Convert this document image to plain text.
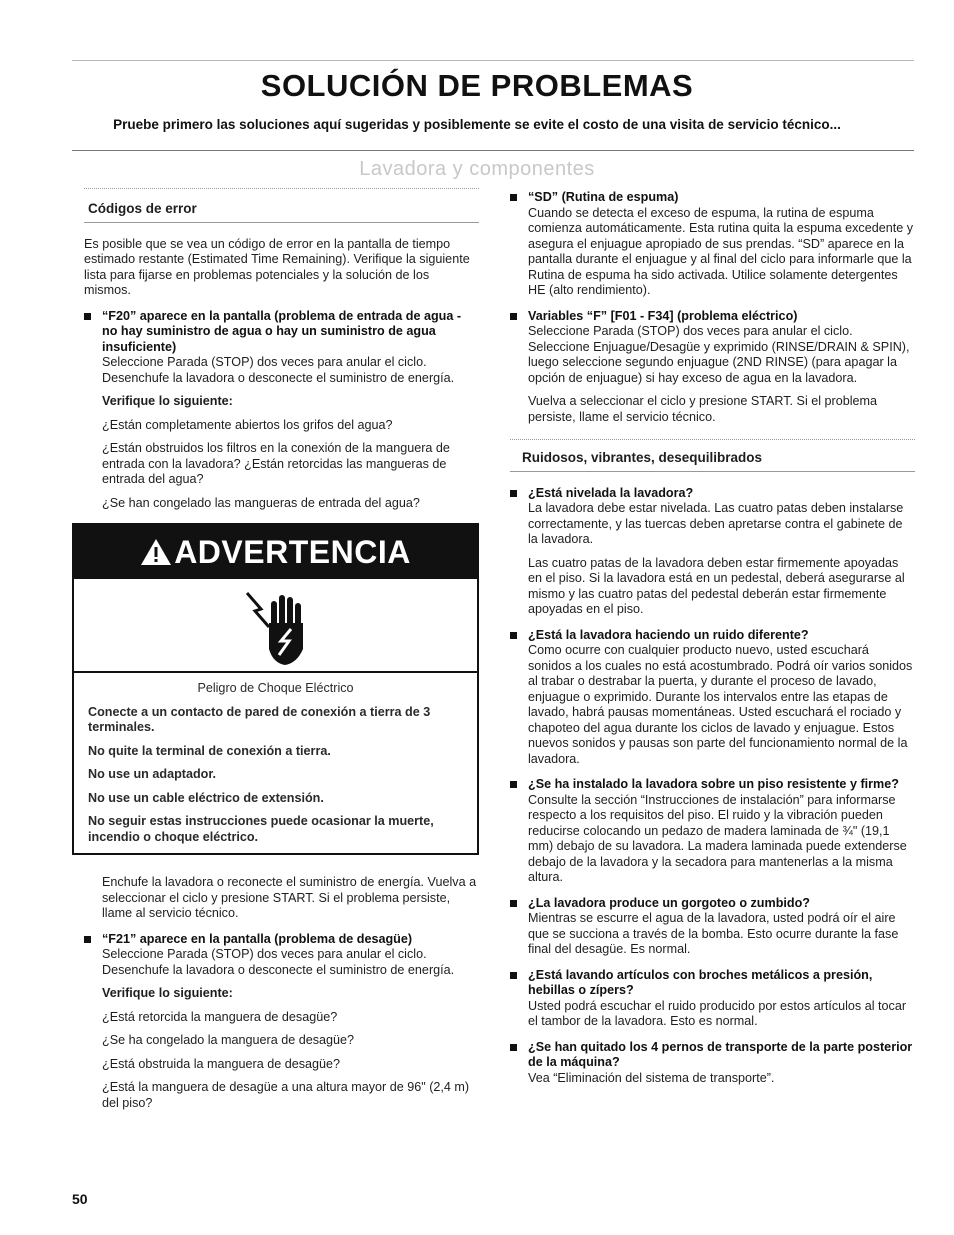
SOLUCIÓN DE PROBLEMAS
Pruebe primero las soluciones aquí sugeridas y posiblemente se evite el costo de una visita de servicio técnico...
Lavadora y componentes

Códigos de error

Es posible que se vea un código de error en la pantalla de tiempo estimado restante (Estimated Time Remaining). Verifique la siguiente lista para fijarse en problemas potenciales y la solución de los mismos.

“F20” aparece en la pantalla (problema de entrada de agua - no hay suministro de agua o hay un suministro de agua insuficiente)

Seleccione Parada (STOP) dos veces para anular el ciclo. Desenchufe la lavadora o desconecte el suministro de energía.

Verifique lo siguiente:

¿Están completamente abiertos los grifos del agua?

¿Están obstruidos los filtros en la conexión de la manguera de entrada con la lavadora? ¿Están retorcidas las mangueras de entrada del agua?

¿Se han congelado las mangueras de entrada del agua?

ADVERTENCIA

Peligro de Choque Eléctrico

Conecte a un contacto de pared de conexión a tierra de 3 terminales.

No quite la terminal de conexión a tierra.

No use un adaptador.

No use un cable eléctrico de extensión.

No seguir estas instrucciones puede ocasionar la muerte, incendio o choque eléctrico.

Enchufe la lavadora o reconecte el suministro de energía. Vuelva a seleccionar el ciclo y presione START. Si el problema persiste, llame al servicio técnico.

“F21” aparece en la pantalla (problema de desagüe)

Seleccione Parada (STOP) dos veces para anular el ciclo. Desenchufe la lavadora o desconecte el suministro de energía.

Verifique lo siguiente:

¿Está retorcida la manguera de desagüe?

¿Se ha congelado la manguera de desagüe?

¿Está obstruida la manguera de desagüe?

¿Está la manguera de desagüe a una altura mayor de 96" (2,4 m) del piso?

“SD” (Rutina de espuma)

Cuando se detecta el exceso de espuma, la rutina de espuma comienza automáticamente. Esta rutina quita la espuma excedente y asegura el enjuague apropiado de sus prendas. “SD” aparece en la pantalla durante el enjuague y al final del ciclo para informarle que la Rutina de espuma ha sido activada. Utilice solamente detergentes HE (alto rendimiento).

Variables “F” [F01 - F34] (problema eléctrico)

Seleccione Parada (STOP) dos veces para anular el ciclo. Seleccione Enjuague/Desagüe y exprimido (RINSE/DRAIN & SPIN), luego seleccione segundo enjuague (2ND RINSE) (para apagar la opción de enjuague) si hay exceso de agua en la lavadora.

Vuelva a seleccionar el ciclo y presione START. Si el problema persiste, llame el servicio técnico.

Ruidosos, vibrantes, desequilibrados

¿Está nivelada la lavadora?

La lavadora debe estar nivelada. Las cuatro patas deben instalarse correctamente, y las tuercas deben apretarse contra el gabinete de la lavadora.

Las cuatro patas de la lavadora deben estar firmemente apoyadas en el piso. Si la lavadora está en un pedestal, deberá asegurarse al mismo y las cuatro patas del pedestal deberán estar firmemente apoyadas en el piso.

¿Está la lavadora haciendo un ruido diferente?

Como ocurre con cualquier producto nuevo, usted escuchará sonidos a los cuales no está acostumbrado. Podrá oír varios sonidos al trabar o destrabar la puerta, y durante el proceso de lavado, enjuague o exprimido. Durante los intervalos entre las etapas de lavado, habrá pausas momentáneas. Usted escuchará el rociado y chapoteo del agua durante los ciclos de lavado y enjuague. Estos nuevos sonidos y pausas son parte del funcionamiento normal de la lavadora.

¿Se ha instalado la lavadora sobre un piso resistente y firme?

Consulte la sección “Instrucciones de instalación” para informarse respecto a los requisitos del piso. El ruido y la vibración pueden reducirse colocando un pedazo de madera laminada de ¾" (19,1 mm) debajo de su lavadora. La madera laminada puede extenderse debajo de la lavadora y la secadora para mantenerlas a la misma altura.

¿La lavadora produce un gorgoteo o zumbido?

Mientras se escurre el agua de la lavadora, usted podrá oír el aire que se succiona a través de la bomba. Esto ocurre durante la fase final del desagüe. Es normal.

¿Está lavando artículos con broches metálicos a presión, hebillas o zípers?

Usted podrá escuchar el ruido producido por estos artículos al tocar el tambor de la lavadora. Esto es normal.

¿Se han quitado los 4 pernos de transporte de la parte posterior de la máquina?

Vea “Eliminación del sistema de transporte”.

50
